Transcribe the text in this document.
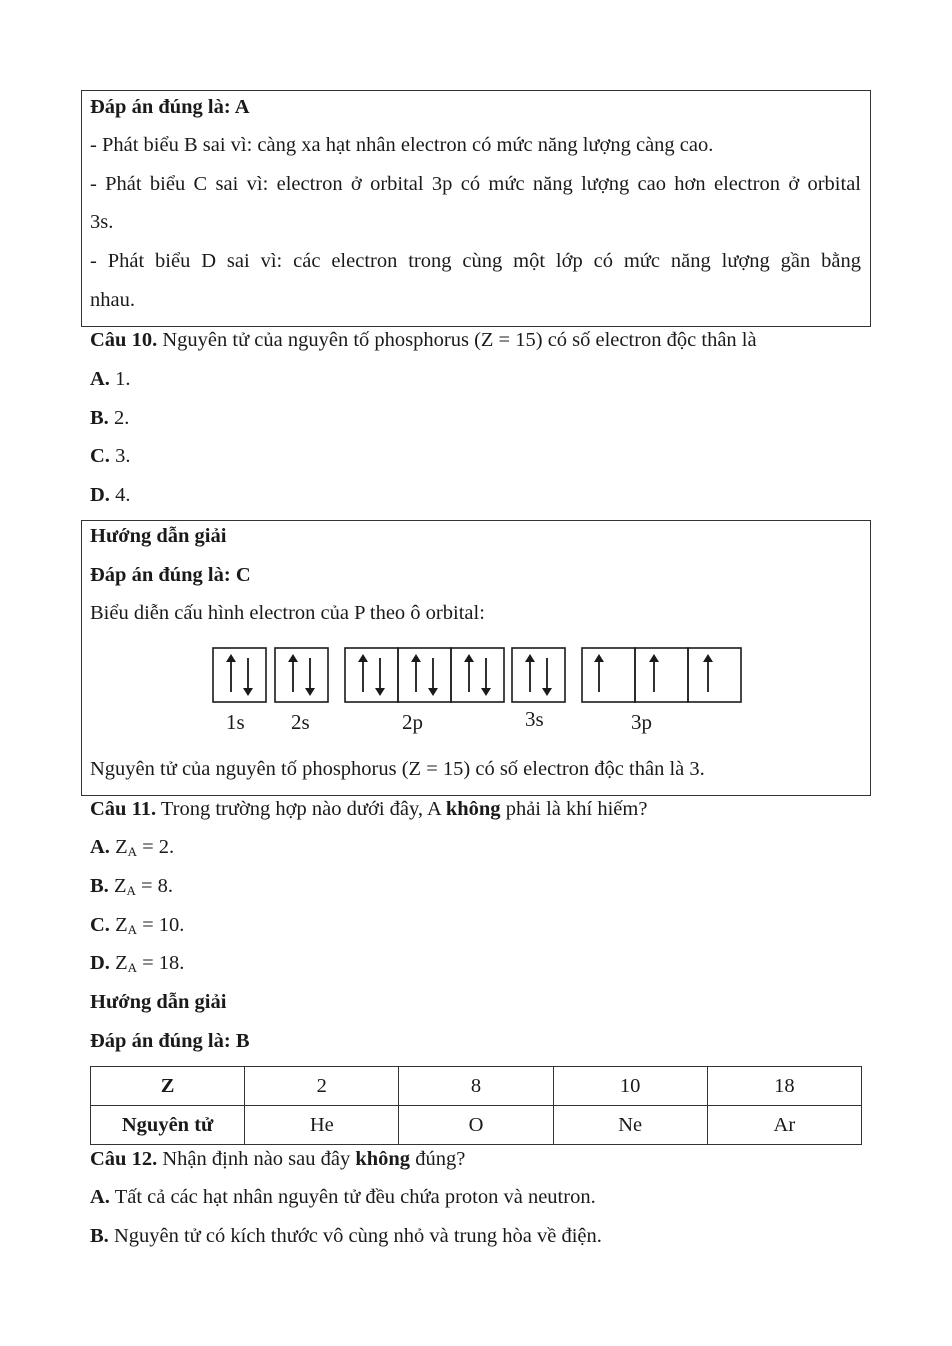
Đáp án đúng là: A
- Phát biểu B sai vì: càng xa hạt nhân electron có mức năng lượng càng cao.
- Phát biểu C sai vì: electron ở orbital 3p có mức năng lượng cao hơn electron ở orbital
3s.
- Phát biểu D sai vì: các electron trong cùng một lớp có mức năng lượng gần bằng
nhau.
Câu 10. Nguyên tử của nguyên tố phosphorus (Z = 15) có số electron độc thân là
A. 1.
B. 2.
C. 3.
D. 4.
Hướng dẫn giải
Đáp án đúng là: C
Biểu diễn cấu hình electron của P theo ô orbital:
1s 2s	2p	3s	3p
Nguyên tử của nguyên tố phosphorus (Z = 15) có số electron độc thân là 3.
Câu 11. Trong trường hợp nào dưới đây, A không phải là khí hiếm?
A. $Z_A = 2$.
B. $Z_A = 8$.
C. $Z_A = 10$.
D. $Z_A = 18$.
Hướng dẫn giải
Đáp án đúng là: B
Z	2	8	10	18
Nguyên tử	He	O	Ne	Ar
Câu 12. Nhận định nào sau đây không đúng?
A. Tất cả các hạt nhân nguyên tử đều chứa proton và neutron.
B. Nguyên tử có kích thước vô cùng nhỏ và trung hòa về điện.
